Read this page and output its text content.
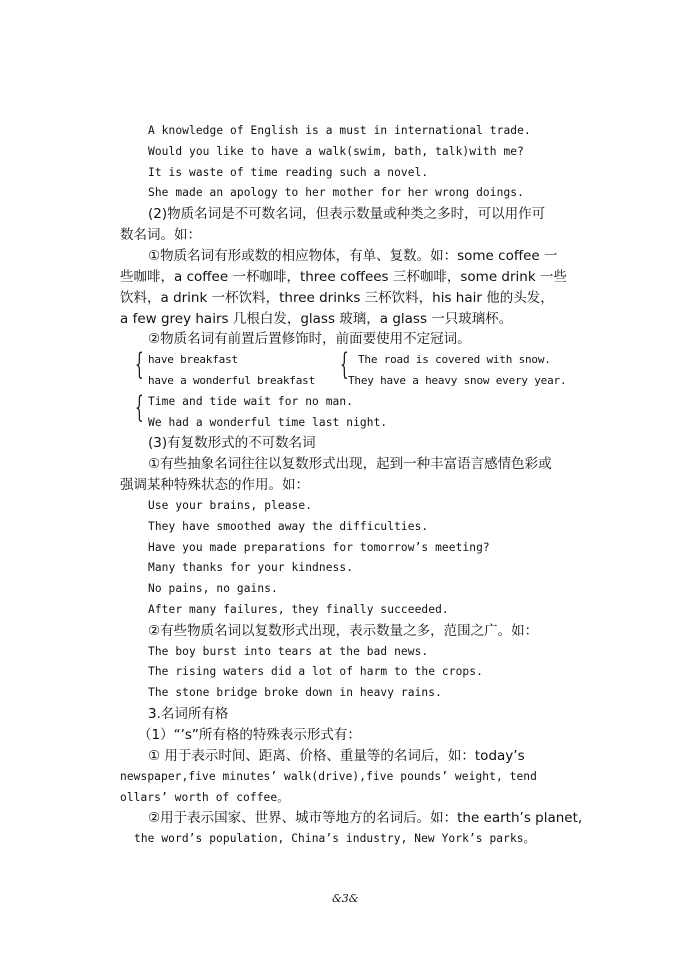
A knowledge of English is a must in international trade.
Would you like to have a walk(swim, bath, talk)with me?
It is waste of time reading such a novel.
She made an apology to her mother for her wrong doings.
(2)物质名词是不可数名词，但表示数量或种类之多时，可以用作可
数名词。如：
①物质名词有形或数的相应物体，有单、复数。如：some coffee 一
些咖啡，a coffee 一杯咖啡，three coffees 三杯咖啡，some drink 一些
饮料，a drink 一杯饮料，three drinks 三杯饮料，his hair 他的头发，
a few grey hairs 几根白发，glass 玻璃，a glass 一只玻璃杯。
②物质名词有前置后置修饰时，前面要使用不定冠词。
{ have breakfast
have a wonderful breakfast { The road is covered with snow.
They have a heavy snow every year.
{ Time and tide wait for no man.
We had a wonderful time last night.
(3)有复数形式的不可数名词
①有些抽象名词往往以复数形式出现，起到一种丰富语言感情色彩或
强调某种特殊状态的作用。如：
Use your brains, please.
They have smoothed away the difficulties.
Have you made preparations for tomorrow’s meeting?
Many thanks for your kindness.
No pains, no gains.
After many failures, they finally succeeded.
②有些物质名词以复数形式出现，表示数量之多，范围之广。如：
The boy burst into tears at the bad news.
The rising waters did a lot of harm to the crops.
The stone bridge broke down in heavy rains.
3.名词所有格
（1）“’s”所有格的特殊表示形式有：
① 用于表示时间、距离、价格、重量等的名词后，如：today’s
newspaper,five minutes’ walk(drive),five pounds’ weight, tend
ollars’ worth of coffee。
②用于表示国家、世界、城市等地方的名词后。如：the earth’s planet,
the word’s population, China’s industry, New York’s parks。
&3&
